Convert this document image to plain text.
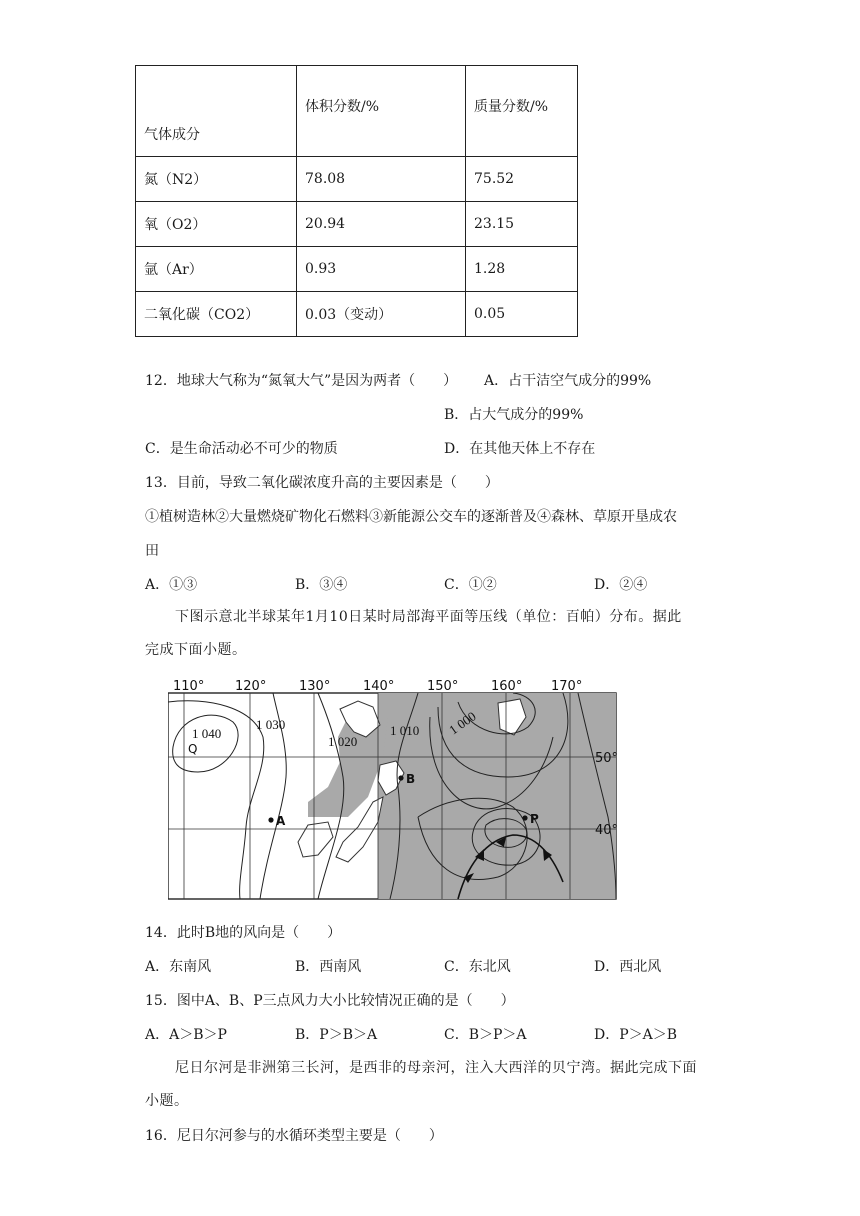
气体成分	体积分数/%	质量分数/%
氮（N2）	78.08	75.52
氧（O2）	20.94	23.15
氩（Ar）	0.93	1.28
二氧化碳（CO2）	0.03（变动）	0.05
12．地球大气称为“氮氧大气”是因为两者（　　） A．占干洁空气成分的99%
B．占大气成分的99%
C．是生命活动必不可少的物质	D．在其他天体上不存在
13．目前，导致二氧化碳浓度升高的主要因素是（　　）
①植树造林②大量燃烧矿物化石燃料③新能源公交车的逐渐普及④森林、草原开垦成农
田
A．①③	B．③④	C．①②	D．②④
下图示意北半球某年1月10日某时局部海平面等压线（单位：百帕）分布。据此
完成下面小题。
110° 120°	130°	140°	150°	160° 170°
50°
40°
1 040
1 030
1 020
1 010 1 000
Q
A
B
P
14．此时B地的风向是（　　）
A．东南风	B．西南风	C．东北风	D．西北风
15．图中A、B、P三点风力大小比较情况正确的是（　　）
A．A＞B＞P	B．P＞B＞A	C．B＞P＞A	D．P＞A＞B
尼日尔河是非洲第三长河，是西非的母亲河，注入大西洋的贝宁湾。据此完成下面
小题。
16．尼日尔河参与的水循环类型主要是（　　）
